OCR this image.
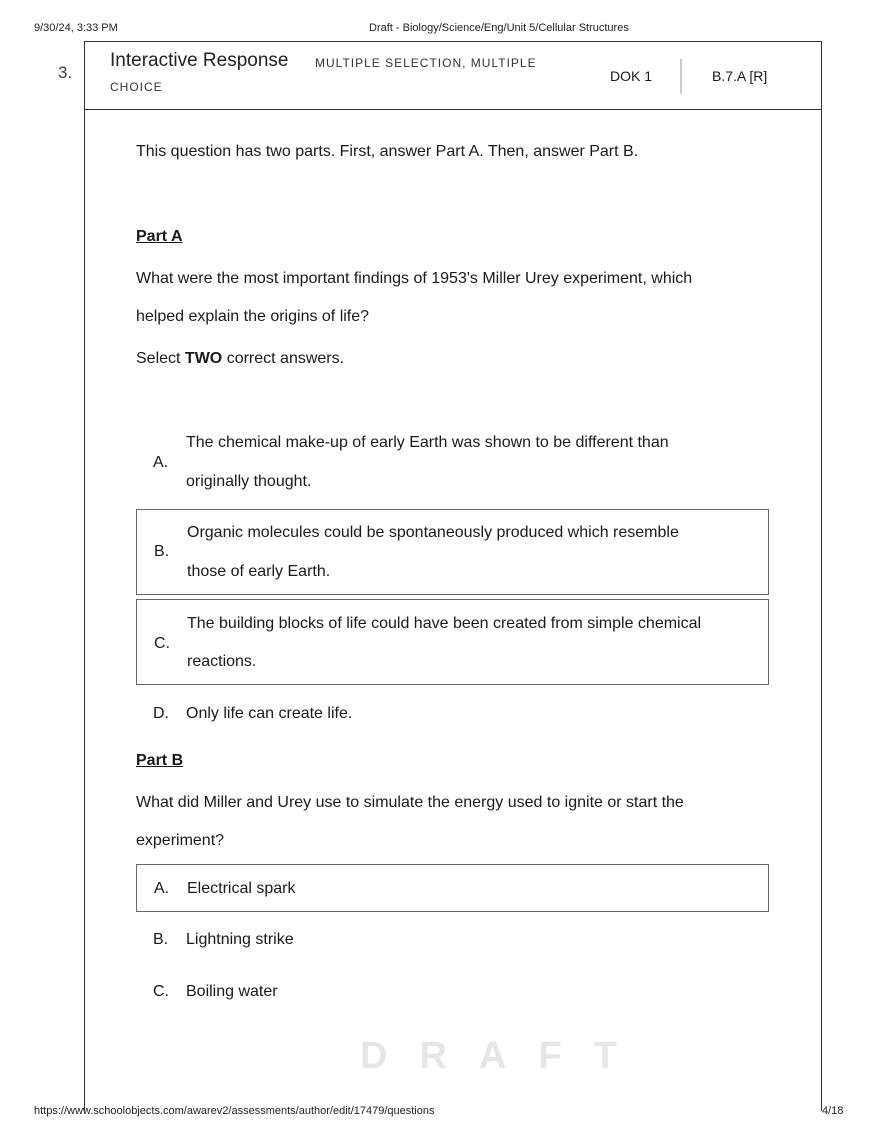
9/30/24, 3:33 PM	Draft - Biology/Science/Eng/Unit 5/Cellular Structures
DRAFT
3.
Interactive Response MULTIPLE SELECTION, MULTIPLE
CHOICE
DOK 1	B.7.A [R]
This question has two parts. First, answer Part A. Then, answer Part B.
Part A
What were the most important findings of 1953's Miller Urey experiment, which
helped explain the origins of life?
Select TWO correct answers.
A.
The chemical make-up of early Earth was shown to be different than
originally thought.
B.
Organic molecules could be spontaneously produced which resemble
those of early Earth.
C.
The building blocks of life could have been created from simple chemical
reactions.
D. Only life can create life.
Part B
What did Miller and Urey use to simulate the energy used to ignite or start the
experiment?
A. Electrical spark
B. Lightning strike
C. Boiling water
https://www.schoolobjects.com/awarev2/assessments/author/edit/17479/questions	4/18
